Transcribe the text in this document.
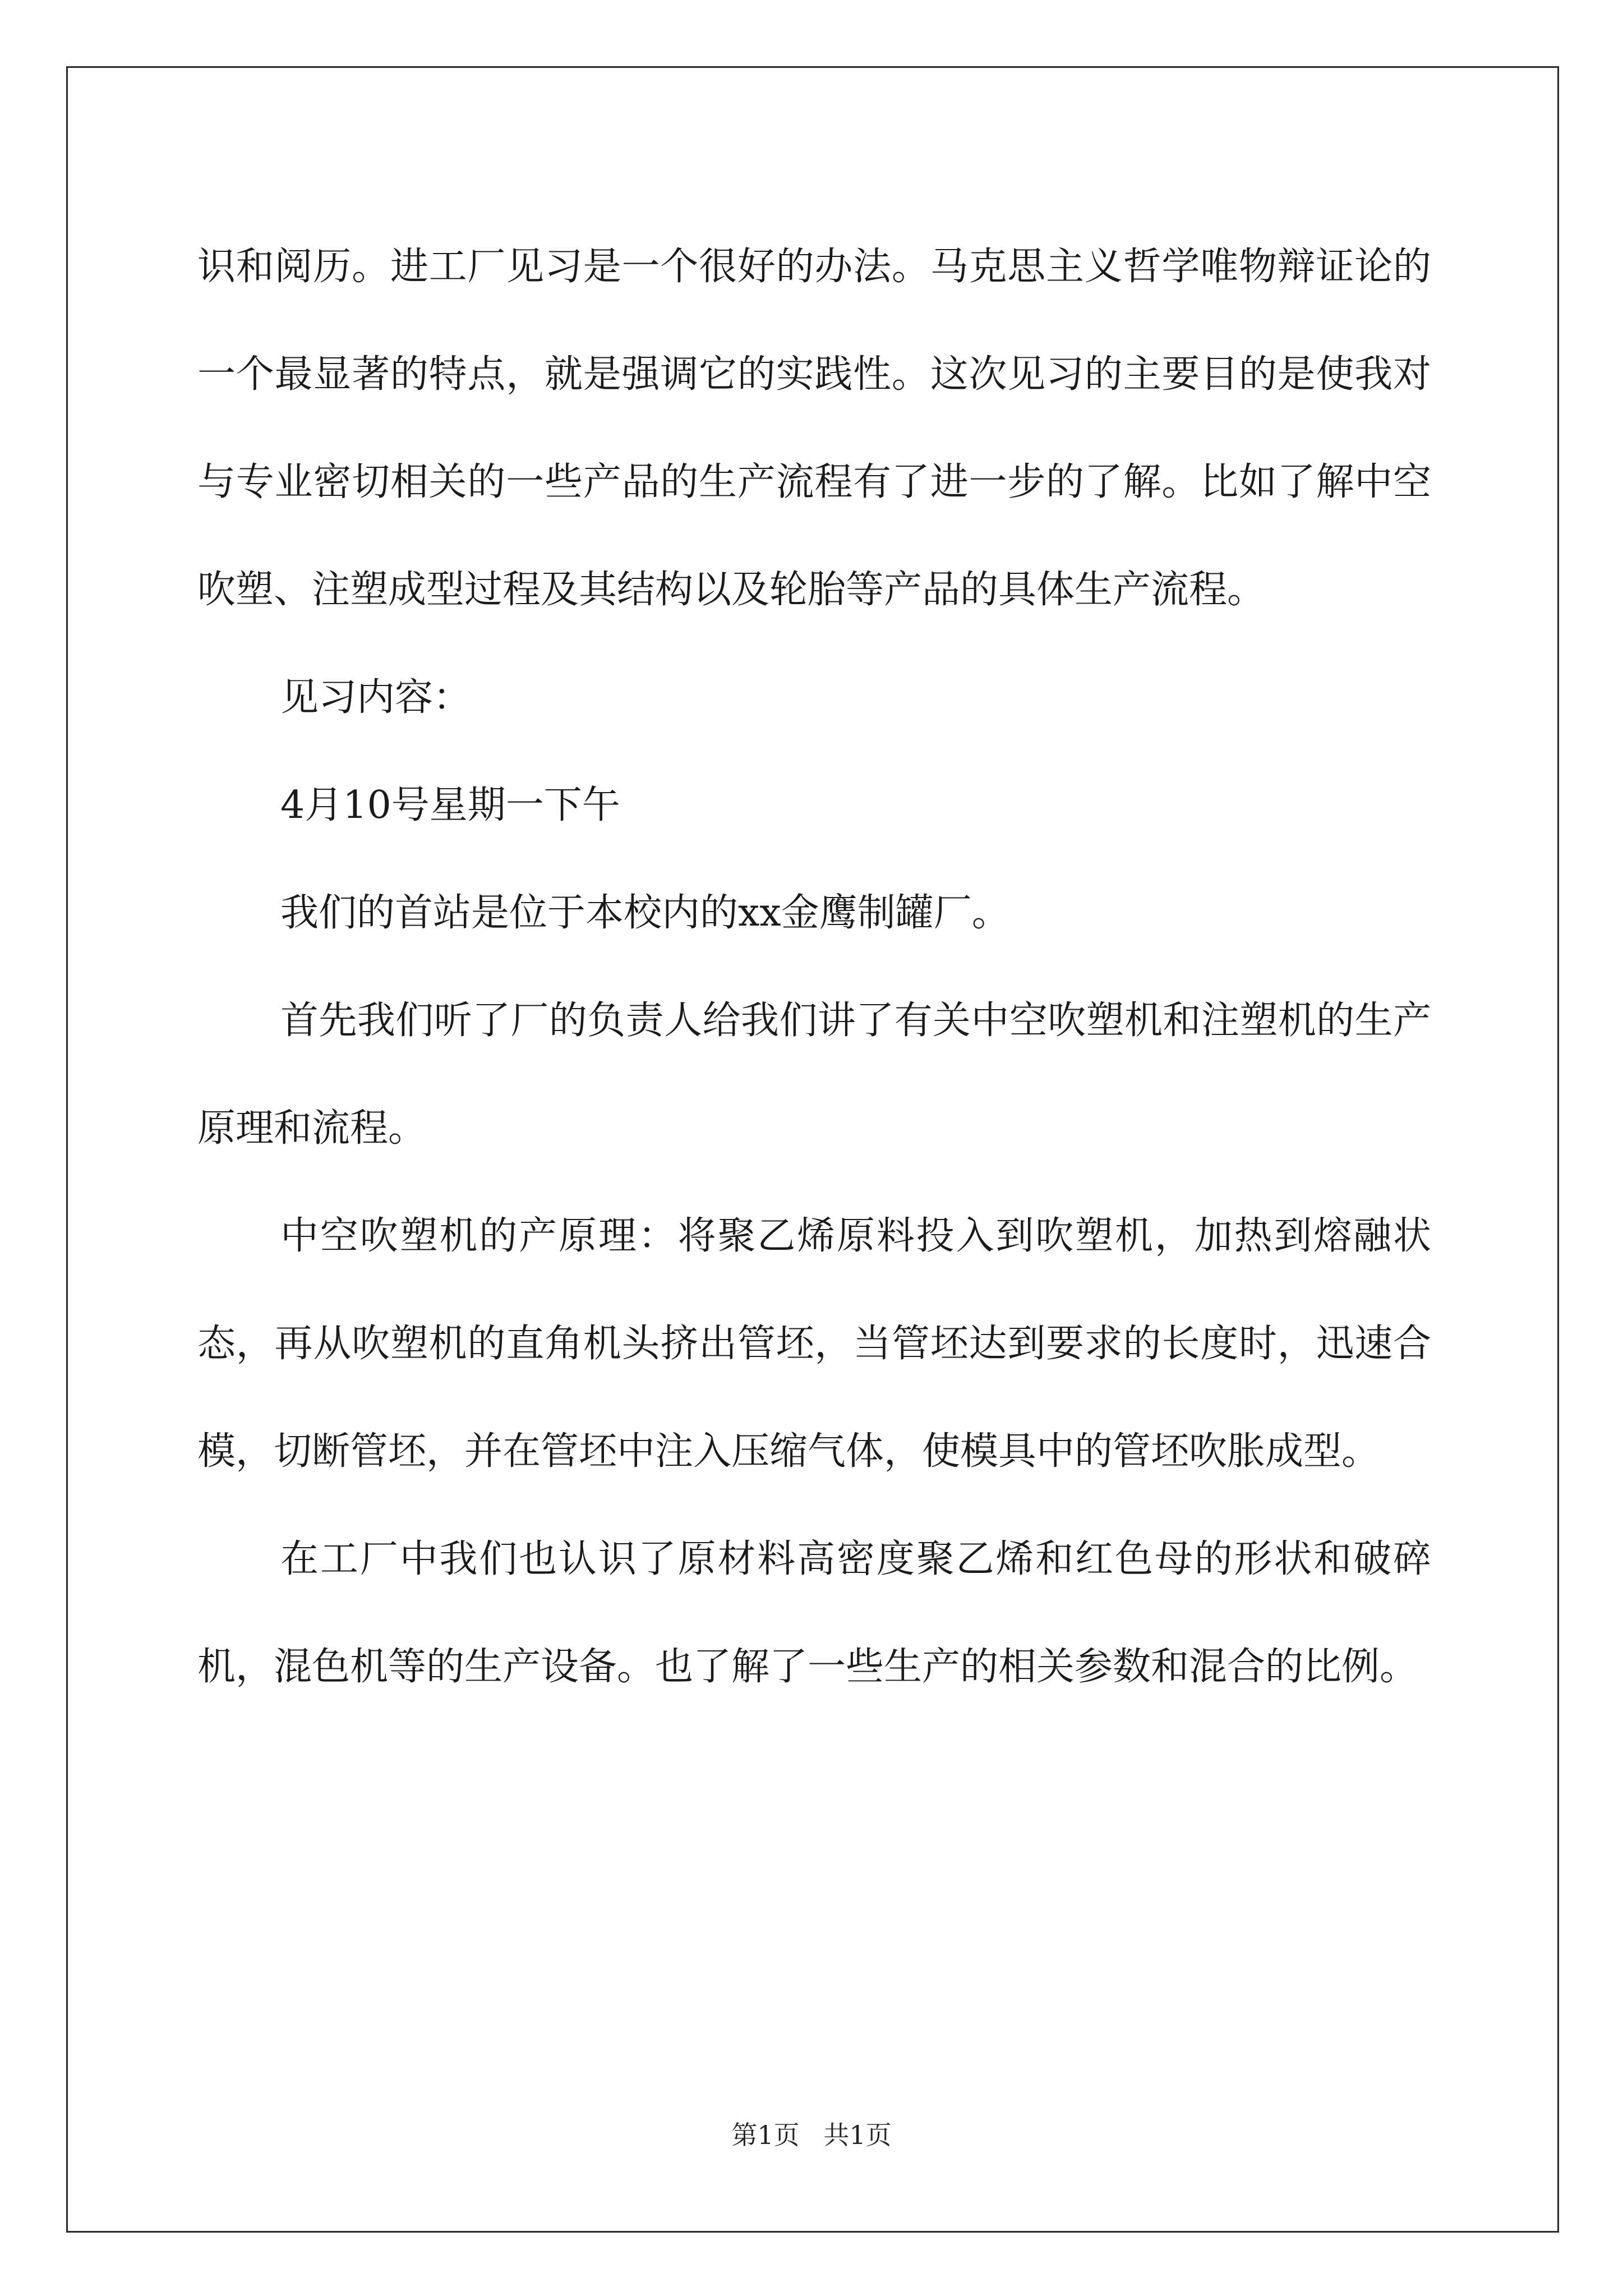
识和阅历。进工厂见习是一个很好的办法。马克思主义哲学唯物辩证论的一个最显著的特点，就是强调它的实践性。这次见习的主要目的是使我对与专业密切相关的一些产品的生产流程有了进一步的了解。比如了解中空吹塑、注塑成型过程及其结构以及轮胎等产品的具体生产流程。

见习内容：

4月10号星期一下午

我们的首站是位于本校内的xx金鹰制罐厂。

首先我们听了厂的负责人给我们讲了有关中空吹塑机和注塑机的生产原理和流程。

中空吹塑机的产原理：将聚乙烯原料投入到吹塑机，加热到熔融状态，再从吹塑机的直角机头挤出管坯，当管坯达到要求的长度时，迅速合模，切断管坯，并在管坯中注入压缩气体，使模具中的管坯吹胀成型。

在工厂中我们也认识了原材料高密度聚乙烯和红色母的形状和破碎机，混色机等的生产设备。也了解了一些生产的相关参数和混合的比例。

第1页 共1页
